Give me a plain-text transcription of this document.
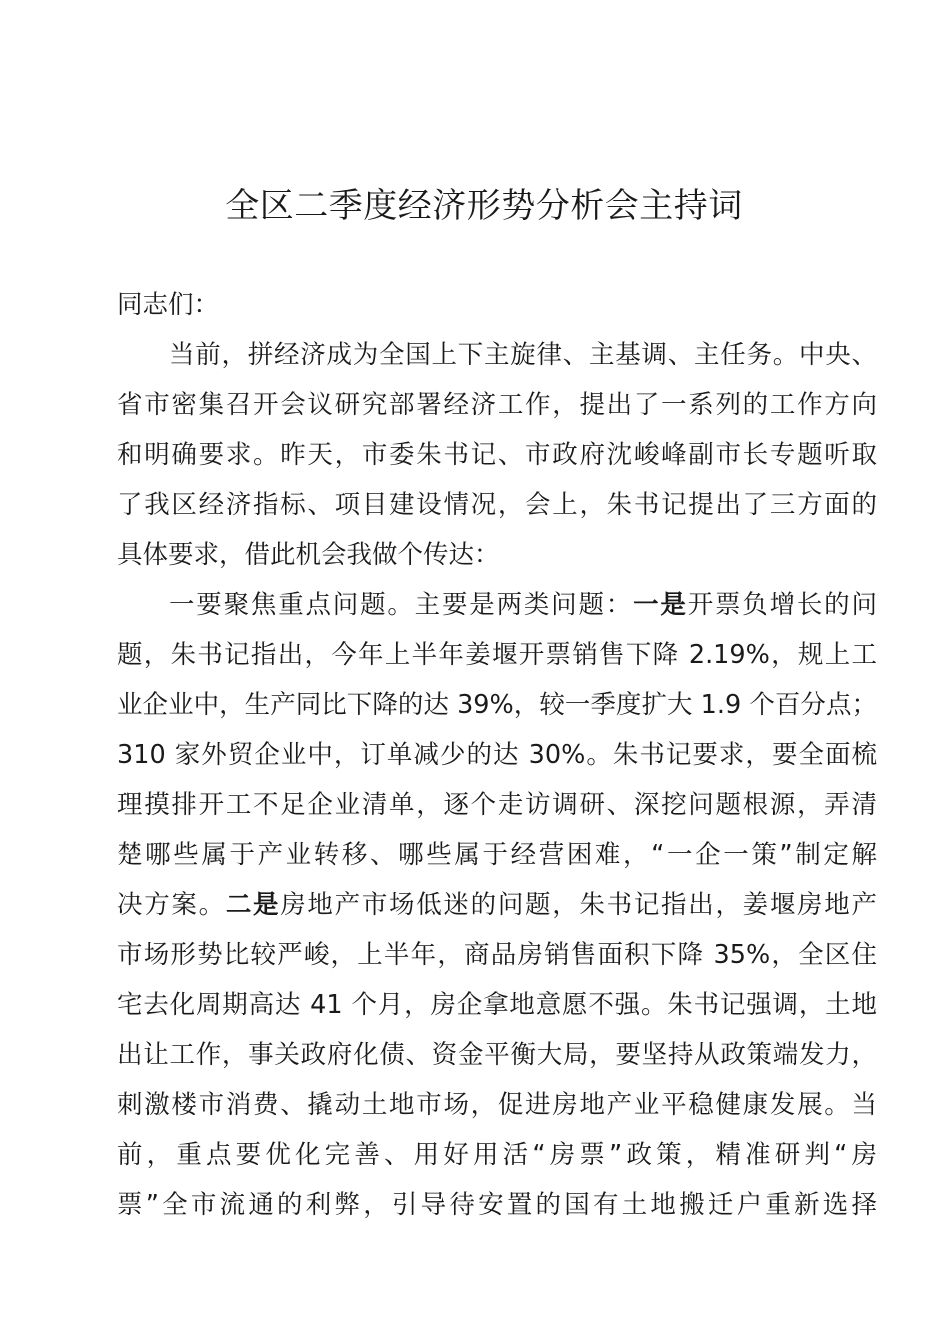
全区二季度经济形势分析会主持词
同志们：
当前，拼经济成为全国上下主旋律、主基调、主任务。中央、
省市密集召开会议研究部署经济工作，提出了一系列的工作方向
和明确要求。昨天，市委朱书记、市政府沈峻峰副市长专题听取
了我区经济指标、项目建设情况，会上，朱书记提出了三方面的
具体要求，借此机会我做个传达：
一要聚焦重点问题。主要是两类问题：一是开票负增长的问
题，朱书记指出，今年上半年姜堰开票销售下降 2.19%，规上工
业企业中，生产同比下降的达 39%，较一季度扩大 1.9 个百分点；
310 家外贸企业中，订单减少的达 30%。朱书记要求，要全面梳
理摸排开工不足企业清单，逐个走访调研、深挖问题根源，弄清
楚哪些属于产业转移、哪些属于经营困难，“一企一策”制定解
决方案。二是房地产市场低迷的问题，朱书记指出，姜堰房地产
市场形势比较严峻，上半年，商品房销售面积下降 35%，全区住
宅去化周期高达 41 个月，房企拿地意愿不强。朱书记强调，土地
出让工作，事关政府化债、资金平衡大局，要坚持从政策端发力，
刺激楼市消费、撬动土地市场，促进房地产业平稳健康发展。当
前，重点要优化完善、用好用活“房票”政策，精准研判“房
票”全市流通的利弊，引导待安置的国有土地搬迁户重新选择
